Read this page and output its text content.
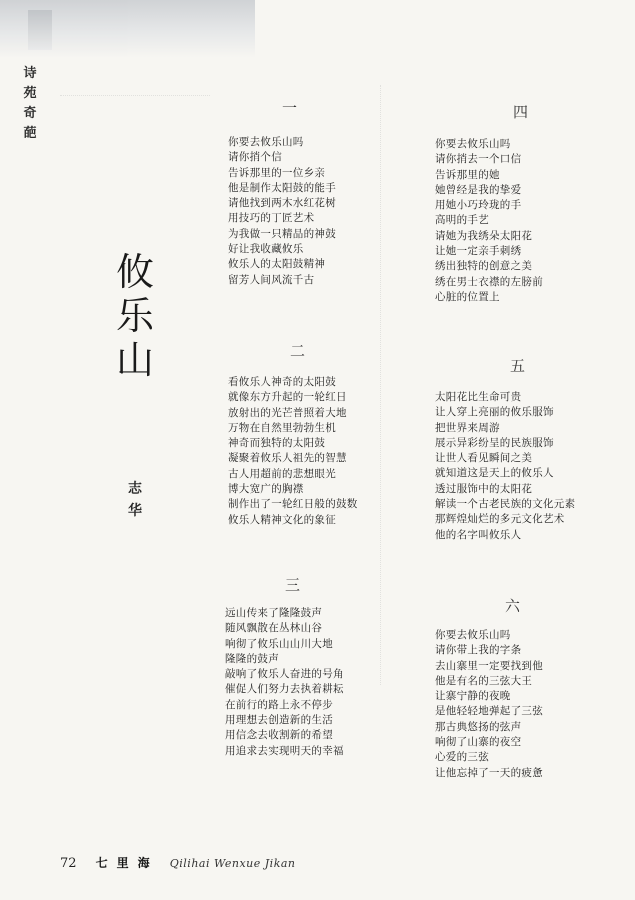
诗
苑
奇
葩
攸
乐
山
志
华
一
你要去攸乐山吗
请你捎个信
告诉那里的一位乡亲
他是制作太阳鼓的能手
请他找到两木水红花树
用技巧的丁匠艺术
为我做一只精品的神鼓
好让我收藏攸乐
攸乐人的太阳鼓精神
留芳人间风流千古
二
看攸乐人神奇的太阳鼓
就像东方升起的一轮红日
放射出的光芒普照着大地
万物在自然里勃勃生机
神奇而独特的太阳鼓
凝聚着攸乐人祖先的智慧
古人用超前的悲想眼光
博大宽广的胸襟
制作出了一轮红日般的鼓数
攸乐人精神文化的象征
三
远山传来了隆隆鼓声
随风飘散在丛林山谷
响彻了攸乐山山川大地
隆隆的鼓声
敲响了攸乐人奋进的号角
催促人们努力去执着耕耘
在前行的路上永不停步
用理想去创造新的生活
用信念去收割新的希望
用追求去实现明天的幸福
四
你要去攸乐山吗
请你捎去一个口信
告诉那里的她
她曾经是我的挚爱
用她小巧玲珑的手
高明的手艺
请她为我绣朵太阳花
让她一定亲手刺绣
绣出独特的创意之美
绣在男士衣襟的左膀前
心脏的位置上
五
太阳花比生命可贵
让人穿上亮丽的攸乐服饰
把世界来周游
展示异彩纷呈的民族服饰
让世人看见瞬间之美
就知道这是天上的攸乐人
透过服饰中的太阳花
解读一个古老民族的文化元素
那辉煌灿烂的多元文化艺术
他的名字叫攸乐人
六
你要去攸乐山吗
请你带上我的字条
去山寨里一定要找到他
他是有名的三弦大王
让寨宁静的夜晚
是他轻轻地弹起了三弦
那古典悠扬的弦声
响彻了山寨的夜空
心爱的三弦
让他忘掉了一天的疲惫
72 七里海 Qilihai Wenxue Jikan
